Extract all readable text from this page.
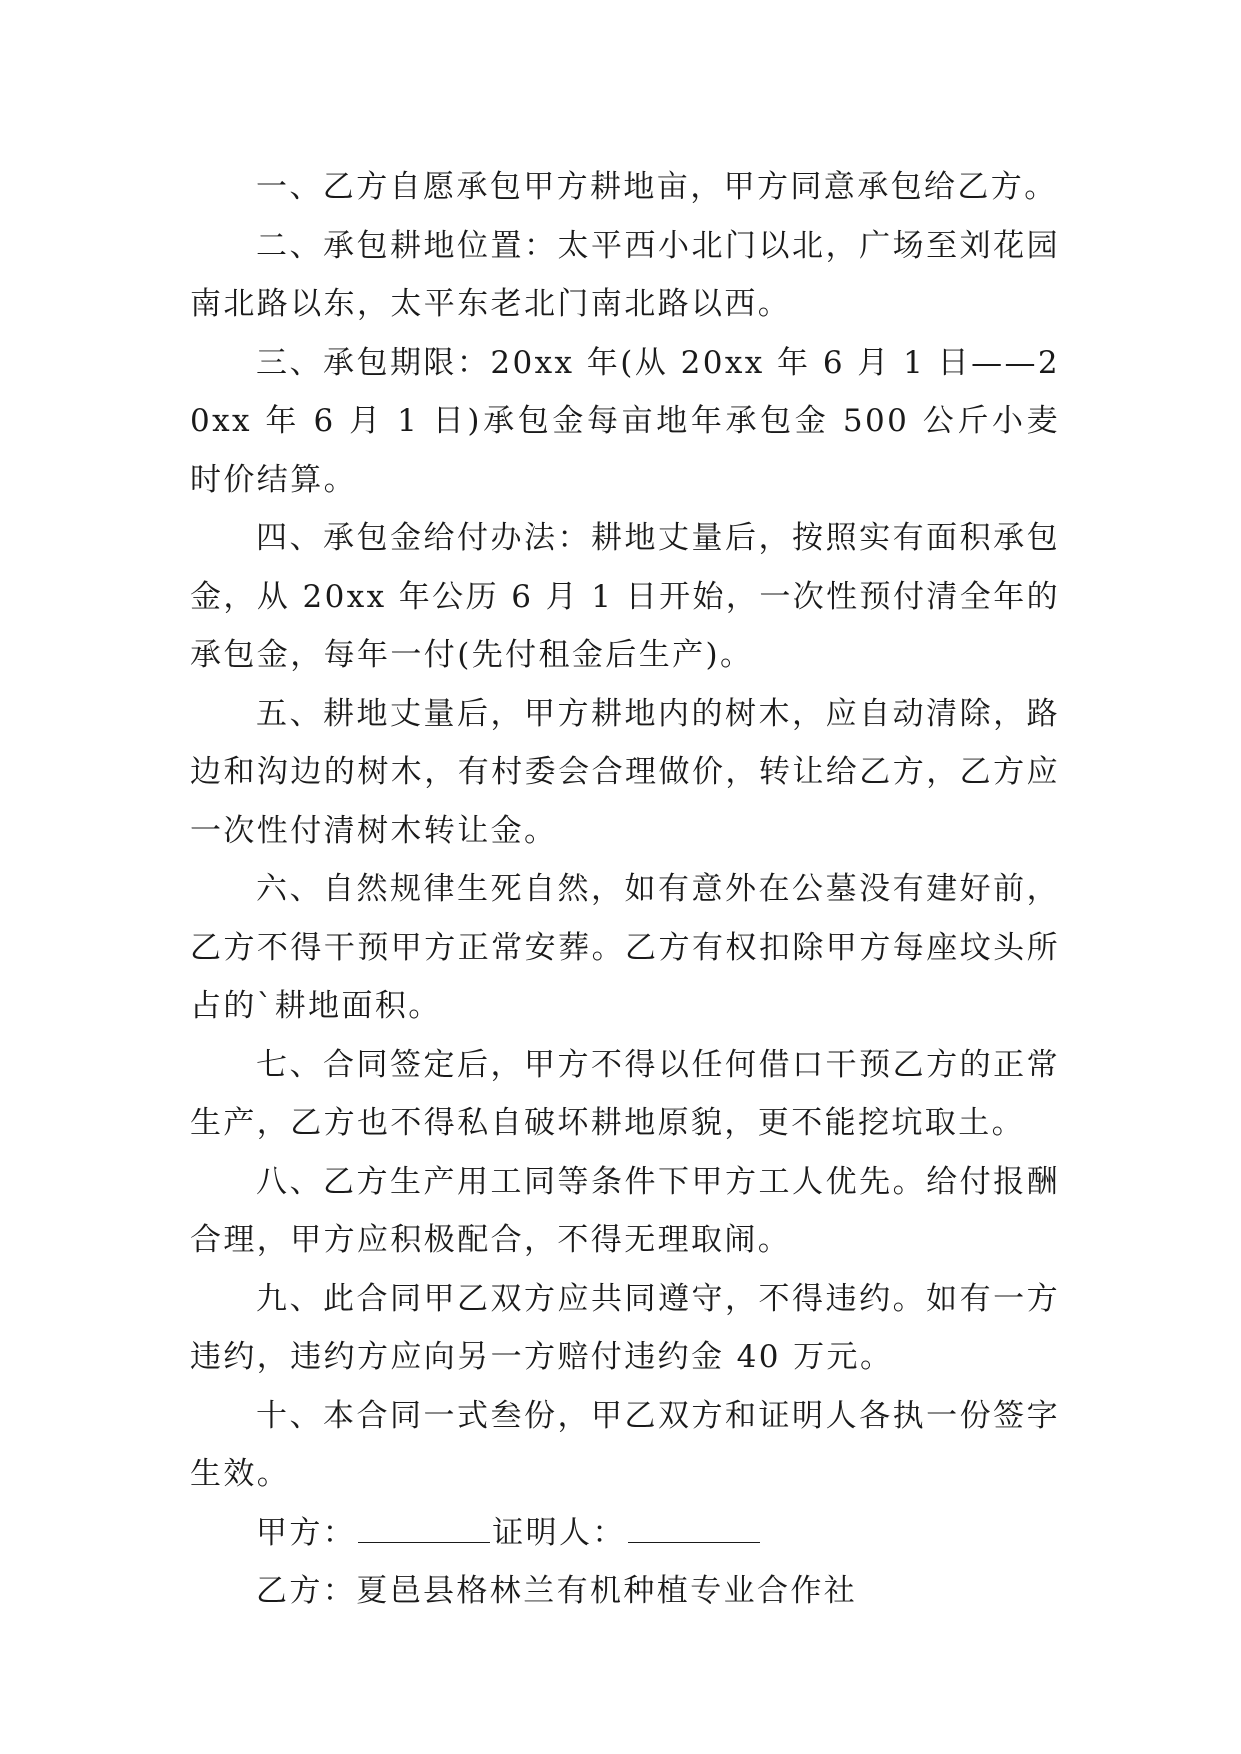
一、乙方自愿承包甲方耕地亩，甲方同意承包给乙方。

二、承包耕地位置：太平西小北门以北，广场至刘花园南北路以东，太平东老北门南北路以西。

三、承包期限：20xx 年(从 20xx 年 6 月 1 日——20xx 年 6 月 1 日)承包金每亩地年承包金 500 公斤小麦时价结算。

四、承包金给付办法：耕地丈量后，按照实有面积承包金，从 20xx 年公历 6 月 1 日开始，一次性预付清全年的承包金，每年一付(先付租金后生产)。

五、耕地丈量后，甲方耕地内的树木，应自动清除，路边和沟边的树木，有村委会合理做价，转让给乙方，乙方应一次性付清树木转让金。

六、自然规律生死自然，如有意外在公墓没有建好前，乙方不得干预甲方正常安葬。乙方有权扣除甲方每座坟头所占的`耕地面积。

七、合同签定后，甲方不得以任何借口干预乙方的正常生产，乙方也不得私自破坏耕地原貌，更不能挖坑取土。

八、乙方生产用工同等条件下甲方工人优先。给付报酬合理，甲方应积极配合，不得无理取闹。

九、此合同甲乙双方应共同遵守，不得违约。如有一方违约，违约方应向另一方赔付违约金 40 万元。

十、本合同一式叁份，甲乙双方和证明人各执一份签字生效。

甲方：	证明人：

乙方：夏邑县格林兰有机种植专业合作社
